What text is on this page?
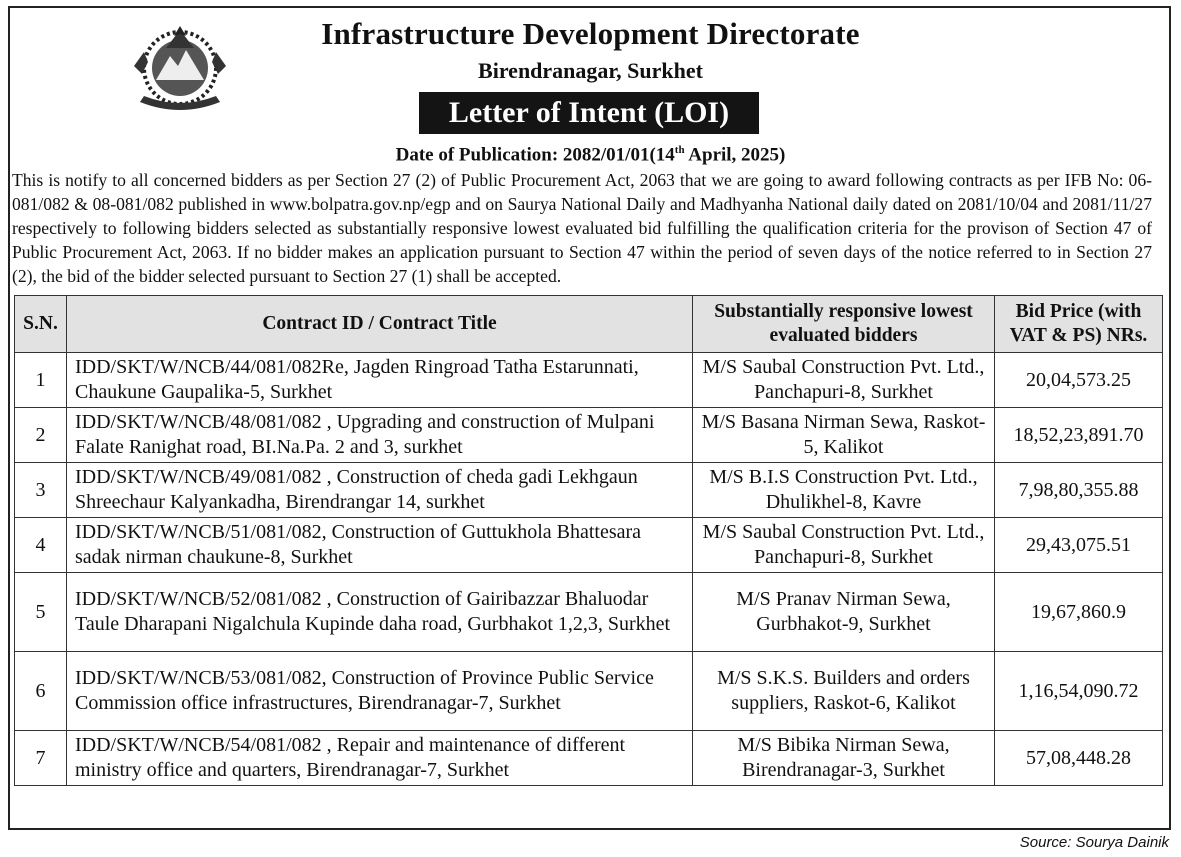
Infrastructure Development Directorate
Birendranagar, Surkhet
Letter of Intent (LOI)
Date of Publication: 2082/01/01(14th April, 2025)
This is notify to all concerned bidders as per Section 27 (2) of Public Procurement Act, 2063 that we are going to award following contracts as per IFB No: 06-081/082 & 08-081/082 published in www.bolpatra.gov.np/egp and on Saurya National Daily and Madhyanha National daily dated on 2081/10/04 and 2081/11/27 respectively to following bidders selected as substantially responsive lowest evaluated bid fulfilling the qualification criteria for the provison of Section 47 of Public Procurement Act, 2063. If no bidder makes an application pursuant to Section 47 within the period of seven days of the notice referred to in Section 27 (2), the bid of the bidder selected pursuant to Section 27 (1) shall be accepted.
S.N.	Contract ID / Contract Title	Substantially responsive lowest evaluated bidders	Bid Price (with VAT & PS) NRs.
1	IDD/SKT/W/NCB/44/081/082Re, Jagden Ringroad Tatha Estarunnati, Chaukune Gaupalika-5, Surkhet	M/S Saubal Construction Pvt. Ltd., Panchapuri-8, Surkhet	20,04,573.25
2	IDD/SKT/W/NCB/48/081/082 , Upgrading and construction of Mulpani Falate Ranighat road, BI.Na.Pa. 2 and 3, surkhet	M/S Basana Nirman Sewa, Raskot-5, Kalikot	18,52,23,891.70
3	IDD/SKT/W/NCB/49/081/082 , Construction of cheda gadi Lekhgaun Shreechaur Kalyankadha, Birendrangar 14, surkhet	M/S B.I.S Construction Pvt. Ltd., Dhulikhel-8, Kavre	7,98,80,355.88
4	IDD/SKT/W/NCB/51/081/082, Construction of Guttukhola Bhattesara sadak nirman chaukune-8, Surkhet	M/S Saubal Construction Pvt. Ltd., Panchapuri-8, Surkhet	29,43,075.51
5	IDD/SKT/W/NCB/52/081/082 , Construction of Gairibazzar Bhaluodar Taule Dharapani Nigalchula Kupinde daha road, Gurbhakot 1,2,3, Surkhet	M/S Pranav Nirman Sewa, Gurbhakot-9, Surkhet	19,67,860.9
6	IDD/SKT/W/NCB/53/081/082, Construction of Province Public Service Commission office infrastructures, Birendranagar-7, Surkhet	M/S S.K.S. Builders and orders suppliers, Raskot-6, Kalikot	1,16,54,090.72
7	IDD/SKT/W/NCB/54/081/082 , Repair and maintenance of different ministry office and quarters, Birendranagar-7, Surkhet	M/S Bibika Nirman Sewa, Birendranagar-3, Surkhet	57,08,448.28
Source: Sourya Dainik
